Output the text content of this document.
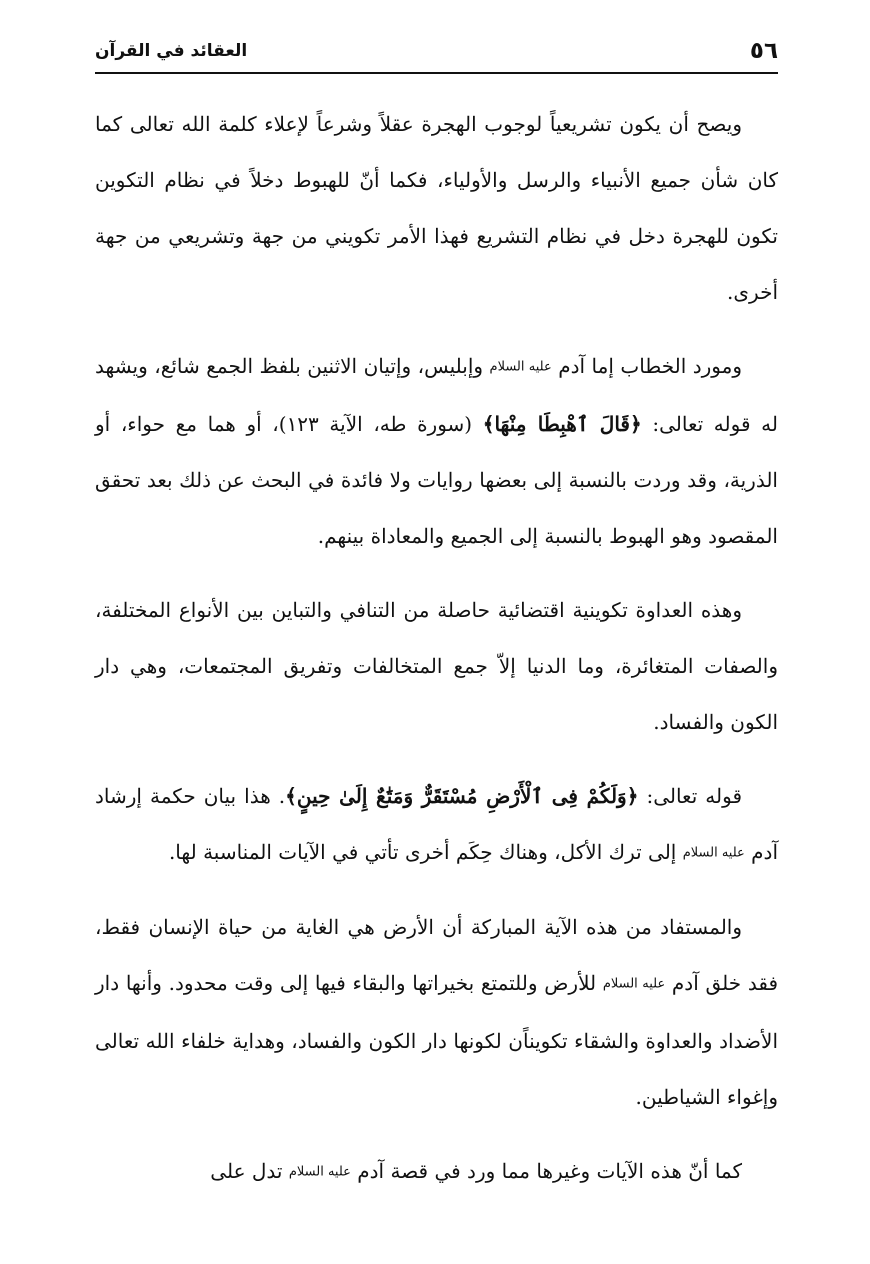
٥٦
العقائد في القرآن

ويصح أن يكون تشريعياً لوجوب الهجرة عقلاً وشرعاً لإعلاء كلمة الله تعالى كما كان شأن جميع الأنبياء والرسل والأولياء، فكما أنّ للهبوط دخلاً في نظام التكوين تكون للهجرة دخل في نظام التشريع فهذا الأمر تكويني من جهة وتشريعي من جهة أخرى.

ومورد الخطاب إما آدم عليه السلام وإبليس، وإتيان الاثنين بلفظ الجمع شائع، ويشهد له قوله تعالى: ﴿قَالَ ٱهْبِطَا مِنْهَا﴾ (سورة طه، الآية ١٢٣)، أو هما مع حواء، أو الذرية، وقد وردت بالنسبة إلى بعضها روايات ولا فائدة في البحث عن ذلك بعد تحقق المقصود وهو الهبوط بالنسبة إلى الجميع والمعاداة بينهم.

وهذه العداوة تكوينية اقتضائية حاصلة من التنافي والتباين بين الأنواع المختلفة، والصفات المتغائرة، وما الدنيا إلاّ جمع المتخالفات وتفريق المجتمعات، وهي دار الكون والفساد.

قوله تعالى: ﴿وَلَكُمْ فِى ٱلْأَرْضِ مُسْتَقَرٌّ وَمَتَٰعٌ إِلَىٰ حِينٍ﴾. هذا بيان حكمة إرشاد آدم عليه السلام إلى ترك الأكل، وهناك حِكَم أخرى تأتي في الآيات المناسبة لها.

والمستفاد من هذه الآية المباركة أن الأرض هي الغاية من حياة الإنسان فقط، فقد خلق آدم عليه السلام للأرض وللتمتع بخيراتها والبقاء فيها إلى وقت محدود. وأنها دار الأضداد والعداوة والشقاء تكويناًن لكونها دار الكون والفساد، وهداية خلفاء الله تعالى وإغواء الشياطين.

كما أنّ هذه الآيات وغيرها مما ورد في قصة آدم عليه السلام تدل على
